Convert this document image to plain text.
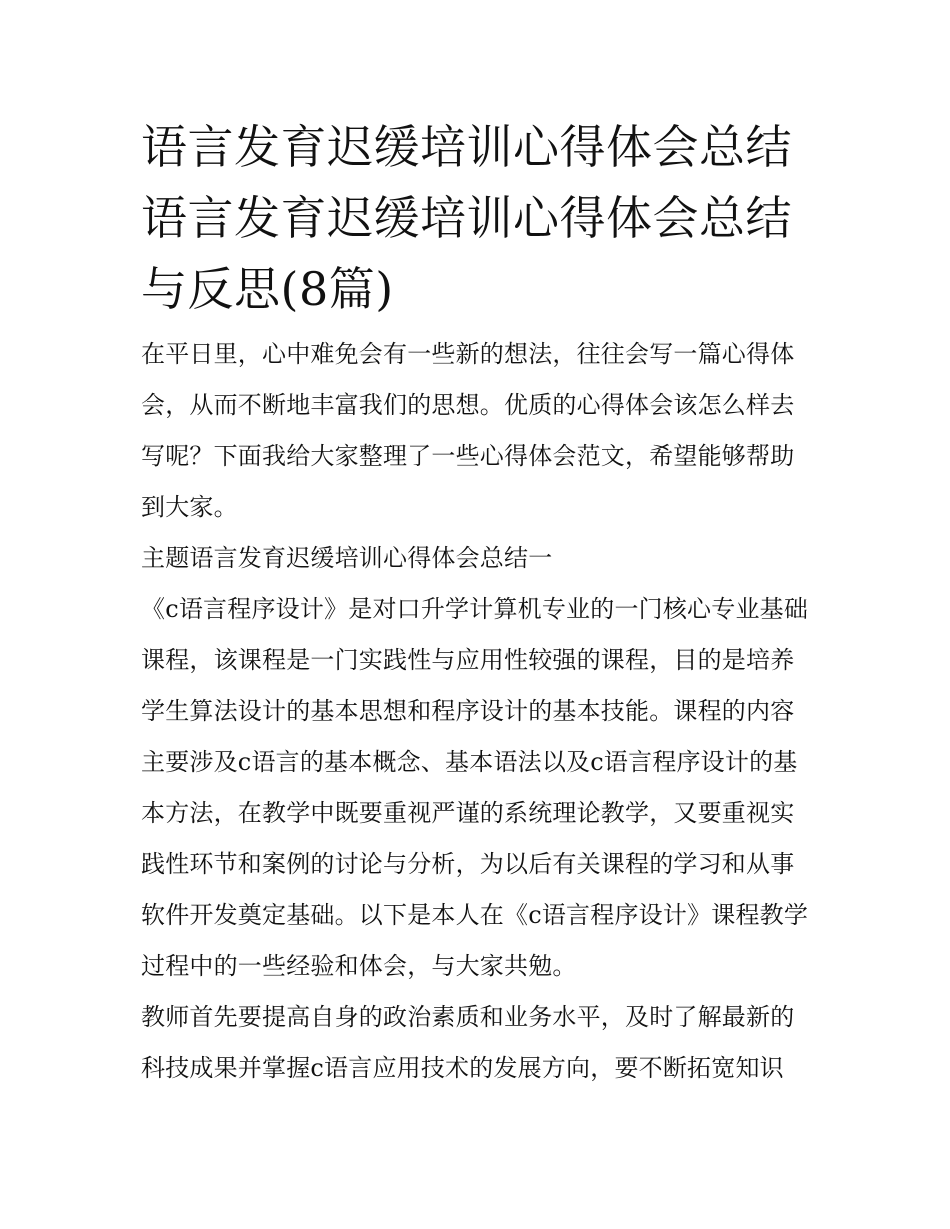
语言发育迟缓培训心得体会总结 语言发育迟缓培训心得体会总结与反思(8篇)

在平日里，心中难免会有一些新的想法，往往会写一篇心得体会，从而不断地丰富我们的思想。优质的心得体会该怎么样去写呢？下面我给大家整理了一些心得体会范文，希望能够帮助到大家。

主题语言发育迟缓培训心得体会总结一

《c语言程序设计》是对口升学计算机专业的一门核心专业基础课程，该课程是一门实践性与应用性较强的课程，目的是培养学生算法设计的基本思想和程序设计的基本技能。课程的内容主要涉及c语言的基本概念、基本语法以及c语言程序设计的基本方法，在教学中既要重视严谨的系统理论教学，又要重视实践性环节和案例的讨论与分析，为以后有关课程的学习和从事软件开发奠定基础。以下是本人在《c语言程序设计》课程教学过程中的一些经验和体会，与大家共勉。

教师首先要提高自身的政治素质和业务水平，及时了解最新的科技成果并掌握c语言应用技术的发展方向，要不断拓宽知识
